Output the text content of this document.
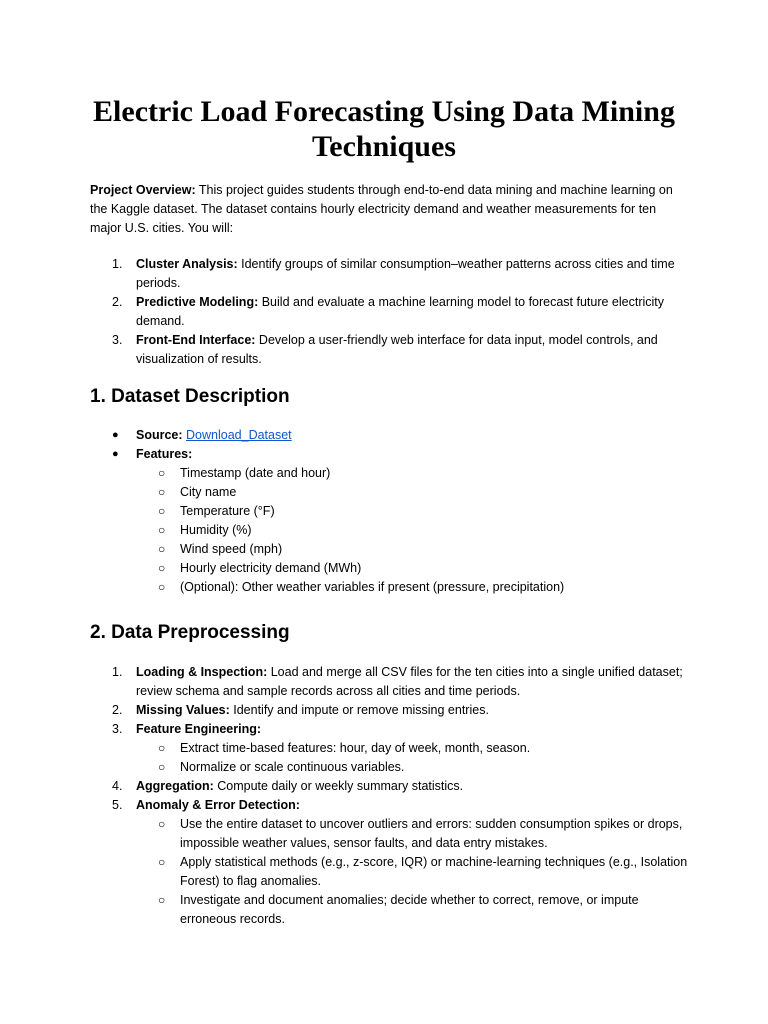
Electric Load Forecasting Using Data Mining Techniques

Project Overview: This project guides students through end-to-end data mining and machine learning on the Kaggle dataset. The dataset contains hourly electricity demand and weather measurements for ten major U.S. cities. You will:

1. Cluster Analysis: Identify groups of similar consumption–weather patterns across cities and time periods.
2. Predictive Modeling: Build and evaluate a machine learning model to forecast future electricity demand.
3. Front-End Interface: Develop a user-friendly web interface for data input, model controls, and visualization of results.
1. Dataset Description
● Source: Download_Dataset
● Features:
○ Timestamp (date and hour)
○ City name
○ Temperature (°F)
○ Humidity (%)
○ Wind speed (mph)
○ Hourly electricity demand (MWh)
○ (Optional): Other weather variables if present (pressure, precipitation)
2. Data Preprocessing
1. Loading & Inspection: Load and merge all CSV files for the ten cities into a single unified dataset; review schema and sample records across all cities and time periods.
2. Missing Values: Identify and impute or remove missing entries.
3. Feature Engineering:
○ Extract time-based features: hour, day of week, month, season.
○ Normalize or scale continuous variables.
4. Aggregation: Compute daily or weekly summary statistics.
5. Anomaly & Error Detection:
○ Use the entire dataset to uncover outliers and errors: sudden consumption spikes or drops, impossible weather values, sensor faults, and data entry mistakes.
○ Apply statistical methods (e.g., z-score, IQR) or machine-learning techniques (e.g., Isolation Forest) to flag anomalies.
○ Investigate and document anomalies; decide whether to correct, remove, or impute erroneous records.
